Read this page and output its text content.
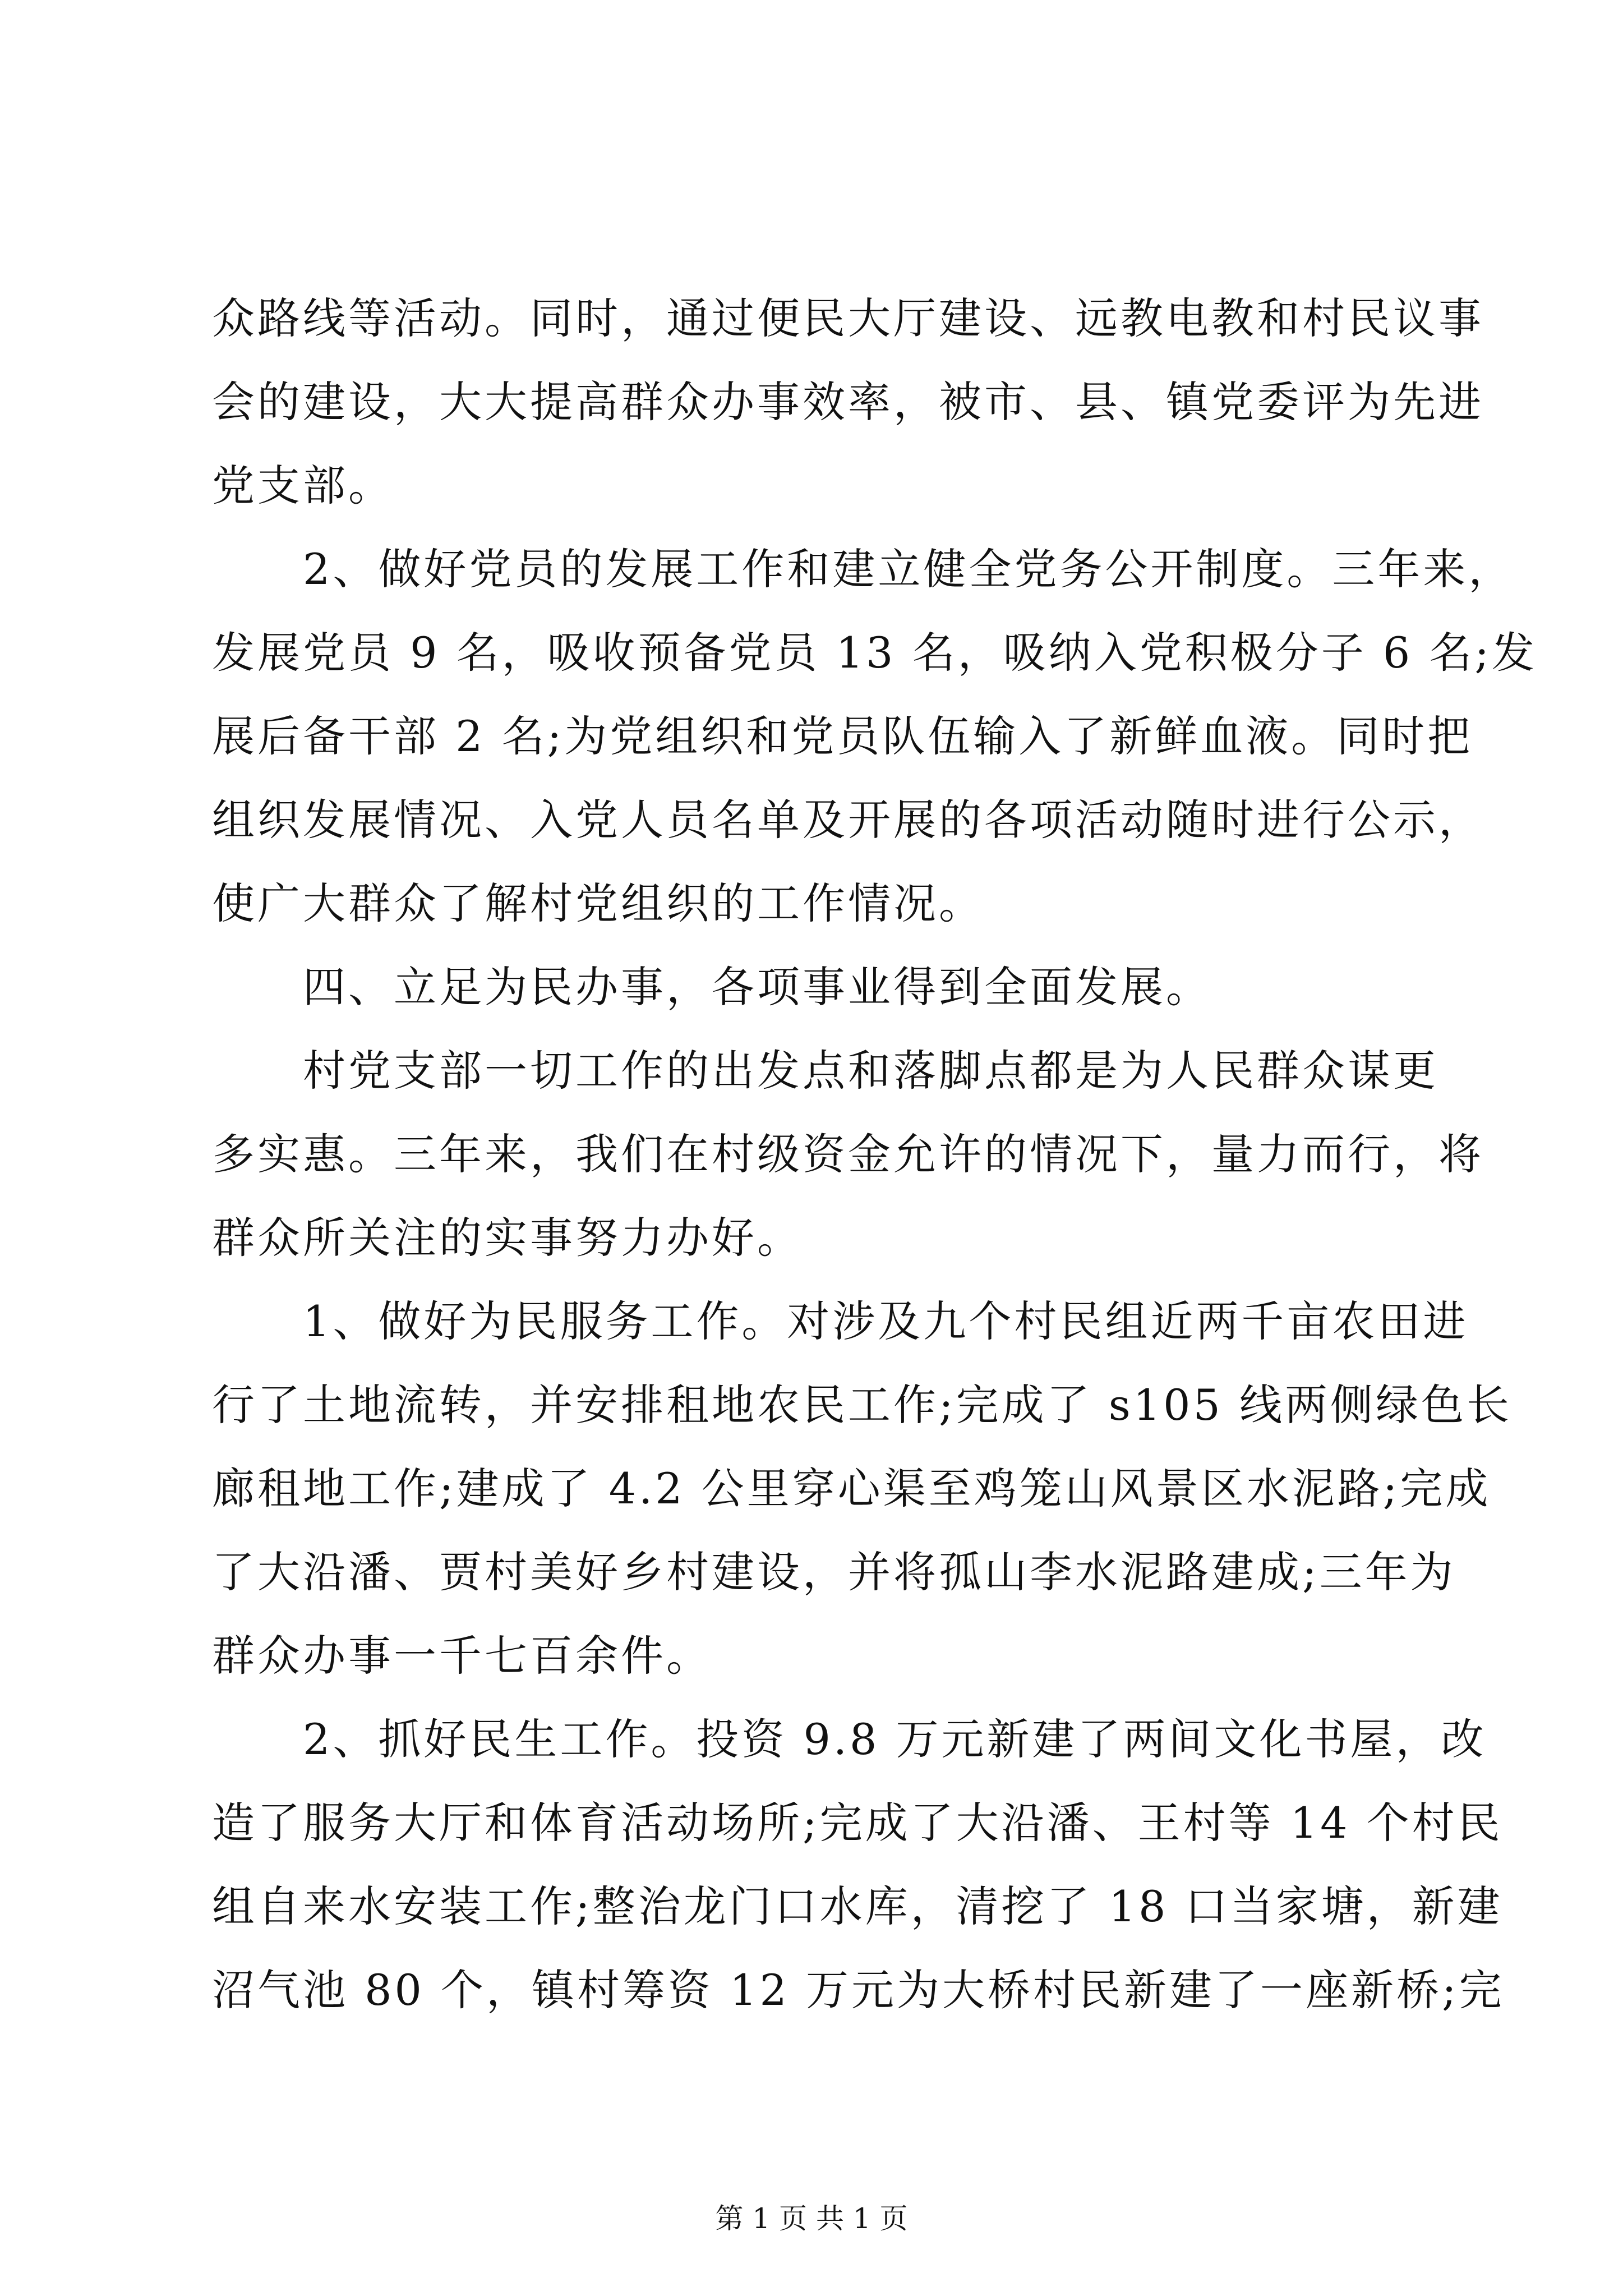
众路线等活动。同时，通过便民大厅建设、远教电教和村民议事
会的建设，大大提高群众办事效率，被市、县、镇党委评为先进
党支部。
2、做好党员的发展工作和建立健全党务公开制度。三年来，
发展党员 9 名，吸收预备党员 13 名，吸纳入党积极分子 6 名;发
展后备干部 2 名;为党组织和党员队伍输入了新鲜血液。同时把
组织发展情况、入党人员名单及开展的各项活动随时进行公示，
使广大群众了解村党组织的工作情况。
四、立足为民办事，各项事业得到全面发展。
村党支部一切工作的出发点和落脚点都是为人民群众谋更
多实惠。三年来，我们在村级资金允许的情况下，量力而行，将
群众所关注的实事努力办好。
1、做好为民服务工作。对涉及九个村民组近两千亩农田进
行了土地流转，并安排租地农民工作;完成了 s105 线两侧绿色长
廊租地工作;建成了 4.2 公里穿心渠至鸡笼山风景区水泥路;完成
了大沿潘、贾村美好乡村建设，并将孤山李水泥路建成;三年为
群众办事一千七百余件。
2、抓好民生工作。投资 9.8 万元新建了两间文化书屋，改
造了服务大厅和体育活动场所;完成了大沿潘、王村等 14 个村民
组自来水安装工作;整治龙门口水库，清挖了 18 口当家塘，新建
沼气池 80 个，镇村筹资 12 万元为大桥村民新建了一座新桥;完
第 1 页 共 1 页
